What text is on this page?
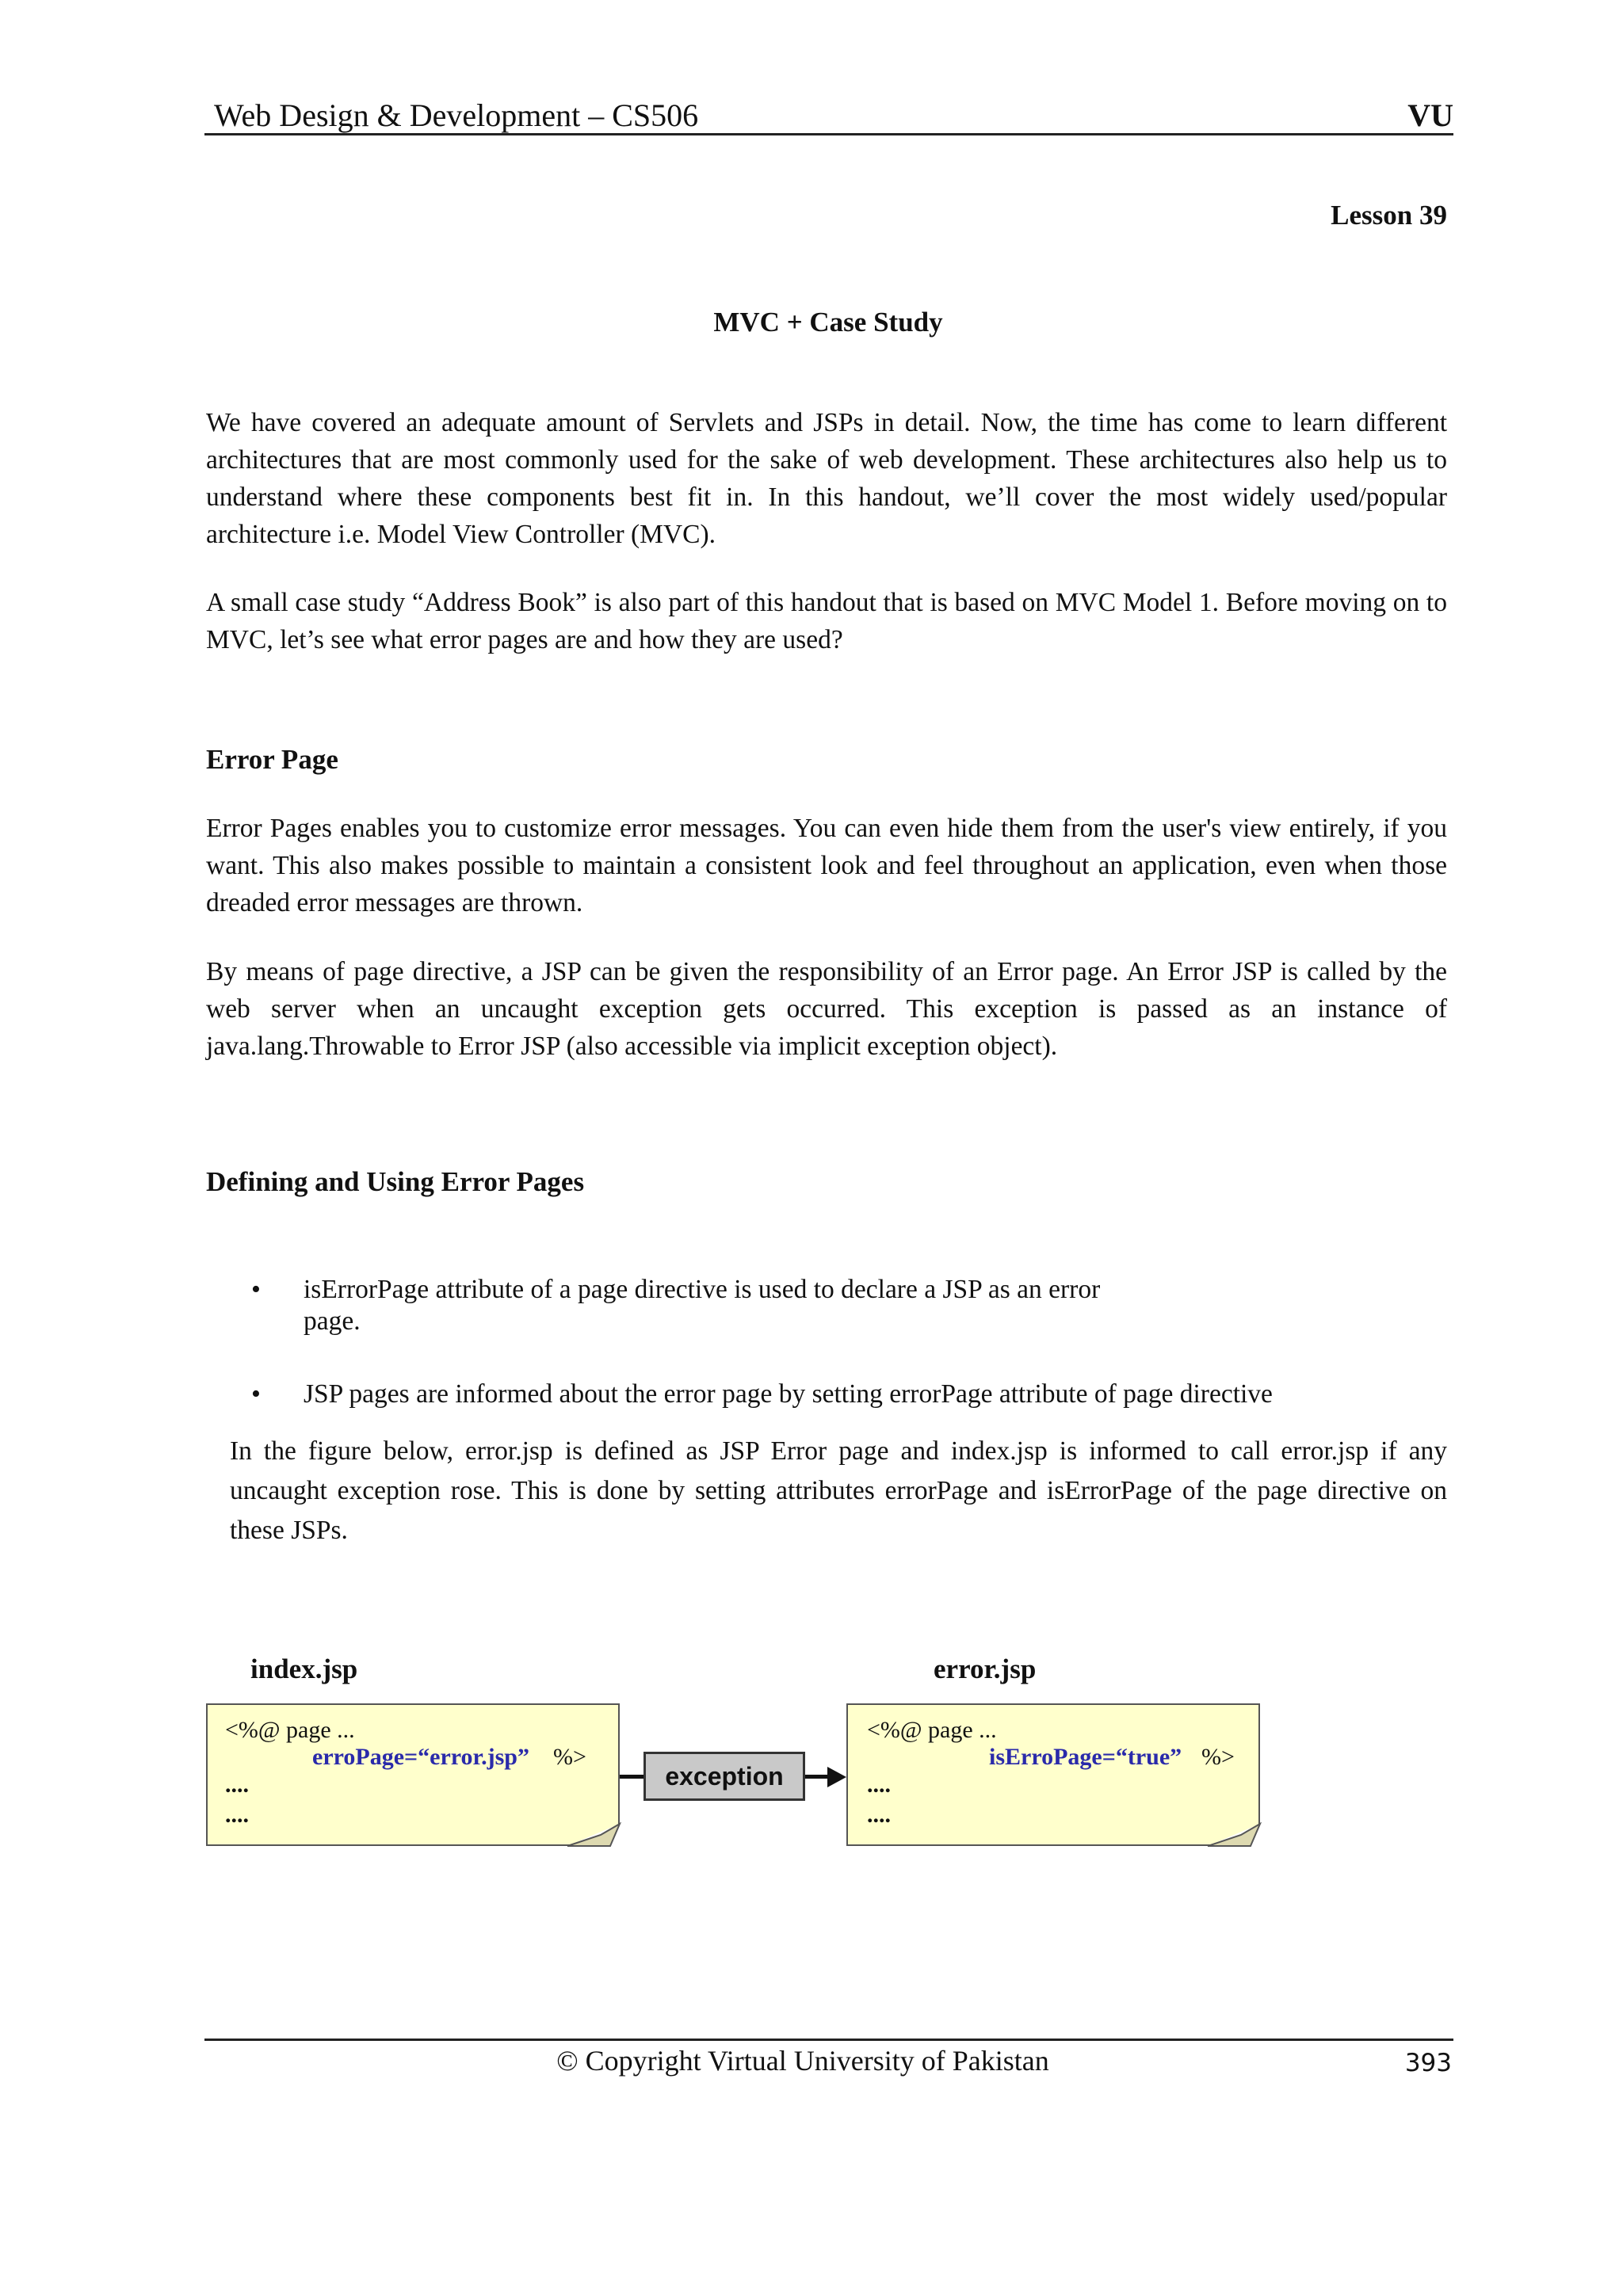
Web Design & Development – CS506	VU
Lesson 39
MVC + Case Study

We have covered an adequate amount of Servlets and JSPs in detail. Now, the time has come to learn different architectures that are most commonly used for the sake of web development. These architectures also help us to understand where these components best fit in. In this handout, we’ll cover the most widely used/popular architecture i.e. Model View Controller (MVC).

A small case study “Address Book” is also part of this handout that is based on MVC Model 1. Before moving on to MVC, let’s see what error pages are and how they are used?

Error Page

Error Pages enables you to customize error messages. You can even hide them from the user's view entirely, if you want. This also makes possible to maintain a consistent look and feel throughout an application, even when those dreaded error messages are thrown.

By means of page directive, a JSP can be given the responsibility of an Error page. An Error JSP is called by the web server when an uncaught exception gets occurred. This exception is passed as an instance of java.lang.Throwable to Error JSP (also accessible via implicit exception object).

Defining and Using Error Pages
• isErrorPage attribute of a page directive is used to declare a JSP as an error
page.
• JSP pages are informed about the error page by setting errorPage attribute of page directive

In the figure below, error.jsp is defined as JSP Error page and index.jsp is informed to call error.jsp if any uncaught exception rose. This is done by setting attributes errorPage and isErrorPage of the page directive on these JSPs.

index.jsp	error.jsp
<%@ page ...
erroPage=“error.jsp” %>
....
....
<%@ page ...
isErroPage=“true” %>
....
....
exception
© Copyright Virtual University of Pakistan	393
